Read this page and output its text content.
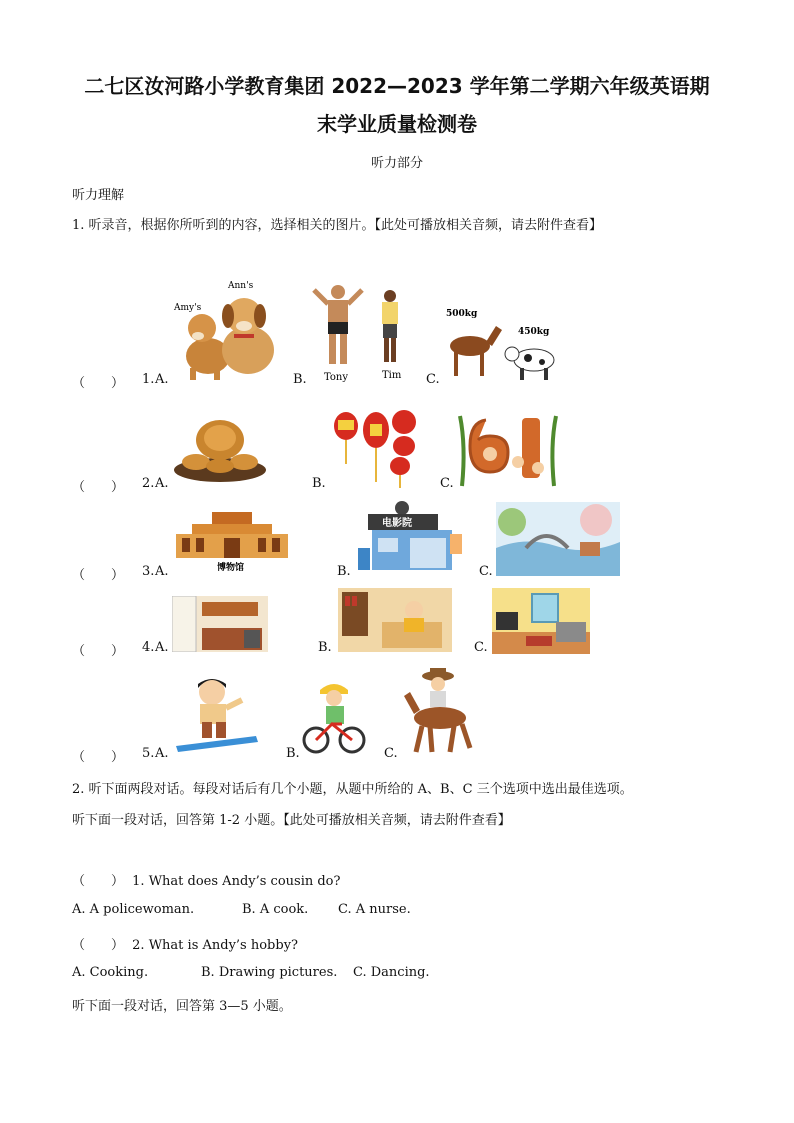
二七区汝河路小学教育集团 2022—2023 学年第二学期六年级英语期
末学业质量检测卷
听力部分
听力理解
1. 听录音，根据你所听到的内容，选择相关的图片。【此处可播放相关音频，请去附件查看】
（　　） 1. A.
Amy's
Ann's
B. Tony	Tim C.
500kg
450kg
（　　） 2. A.	B.	C.
（　　） 3. A.	博物馆	B.
电影院
C.
（　　） 4. A.	B.	C.
（　　） 5. A.	B.	C.
2. 听下面两段对话。每段对话后有几个小题，从题中所给的 A、B、C 三个选项中选出最佳选项。
听下面一段对话，回答第 1-2 小题。【此处可播放相关音频，请去附件查看】
（　　） 1. What does Andy’s cousin do?
A. A policewoman.	B. A cook. C. A nurse.
（　　） 2. What is Andy’s hobby?
A. Cooking.	B. Drawing pictures. C. Dancing.
听下面一段对话，回答第 3—5 小题。
